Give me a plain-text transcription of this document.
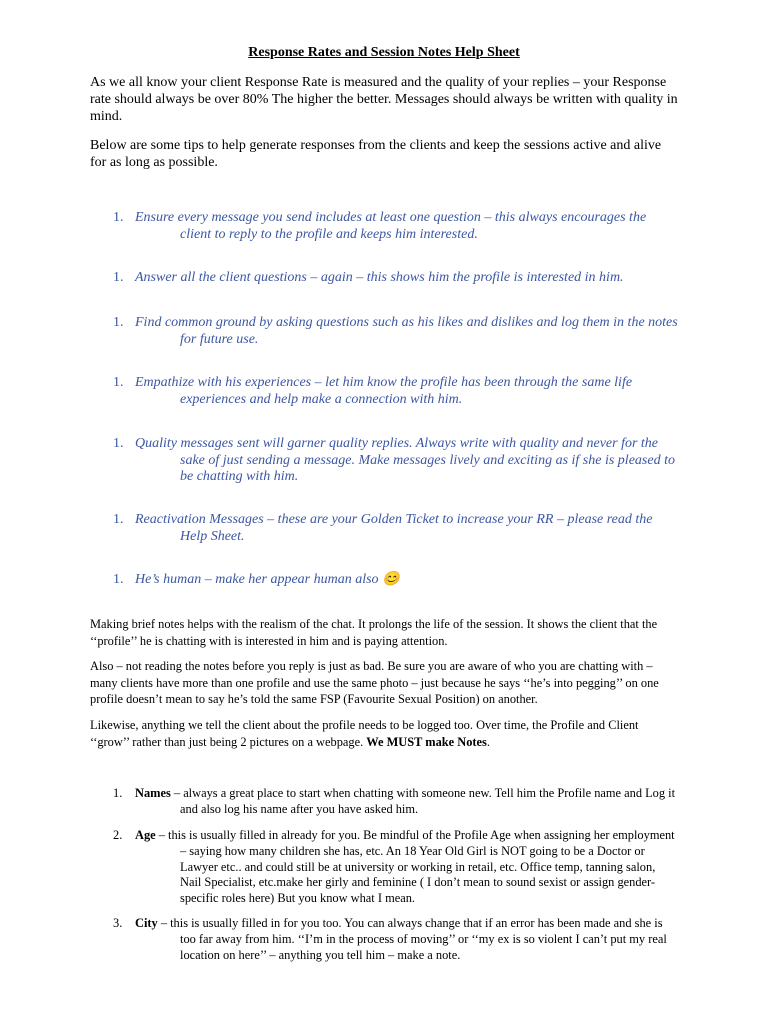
Response Rates and Session Notes Help Sheet
As we all know your client Response Rate is measured and the quality of your replies – your Response rate should always be over 80% The higher the better. Messages should always be written with quality in mind.
Below are some tips to help generate responses from the clients and keep the sessions active and alive for as long as possible.
1. Ensure every message you send includes at least one question – this always encourages the client to reply to the profile and keeps him interested.
1. Answer all the client questions – again – this shows him the profile is interested in him.
1. Find common ground by asking questions such as his likes and dislikes and log them in the notes for future use.
1. Empathize with his experiences – let him know the profile has been through the same life experiences and help make a connection with him.
1. Quality messages sent will garner quality replies. Always write with quality and never for the sake of just sending a message. Make messages lively and exciting as if she is pleased to be chatting with him.
1. Reactivation Messages – these are your Golden Ticket to increase your RR – please read the Help Sheet.
1. He’s human – make her appear human also 😊
Making brief notes helps with the realism of the chat. It prolongs the life of the session. It shows the client that the ‘‘profile’’ he is chatting with is interested in him and is paying attention.
Also – not reading the notes before you reply is just as bad. Be sure you are aware of who you are chatting with – many clients have more than one profile and use the same photo – just because he says ‘‘he’s into pegging’’ on one profile doesn’t mean to say he’s told the same FSP (Favourite Sexual Position) on another.
Likewise, anything we tell the client about the profile needs to be logged too. Over time, the Profile and Client ‘‘grow’’ rather than just being 2 pictures on a webpage. We MUST make Notes.
1.	Names – always a great place to start when chatting with someone new. Tell him the Profile name and Log it and also log his name after you have asked him.
2.	Age – this is usually filled in already for you. Be mindful of the Profile Age when assigning her employment – saying how many children she has, etc. An 18 Year Old Girl is NOT going to be a Doctor or Lawyer etc.. and could still be at university or working in retail, etc. Office temp, tanning salon, Nail Specialist, etc.make her girly and feminine ( I don’t mean to sound sexist or assign gender-specific roles here) But you know what I mean.
3.	City – this is usually filled in for you too. You can always change that if an error has been made and she is too far away from him. ‘‘I’m in the process of moving’’ or ‘‘my ex is so violent I can’t put my real location on here’’ – anything you tell him – make a note.
